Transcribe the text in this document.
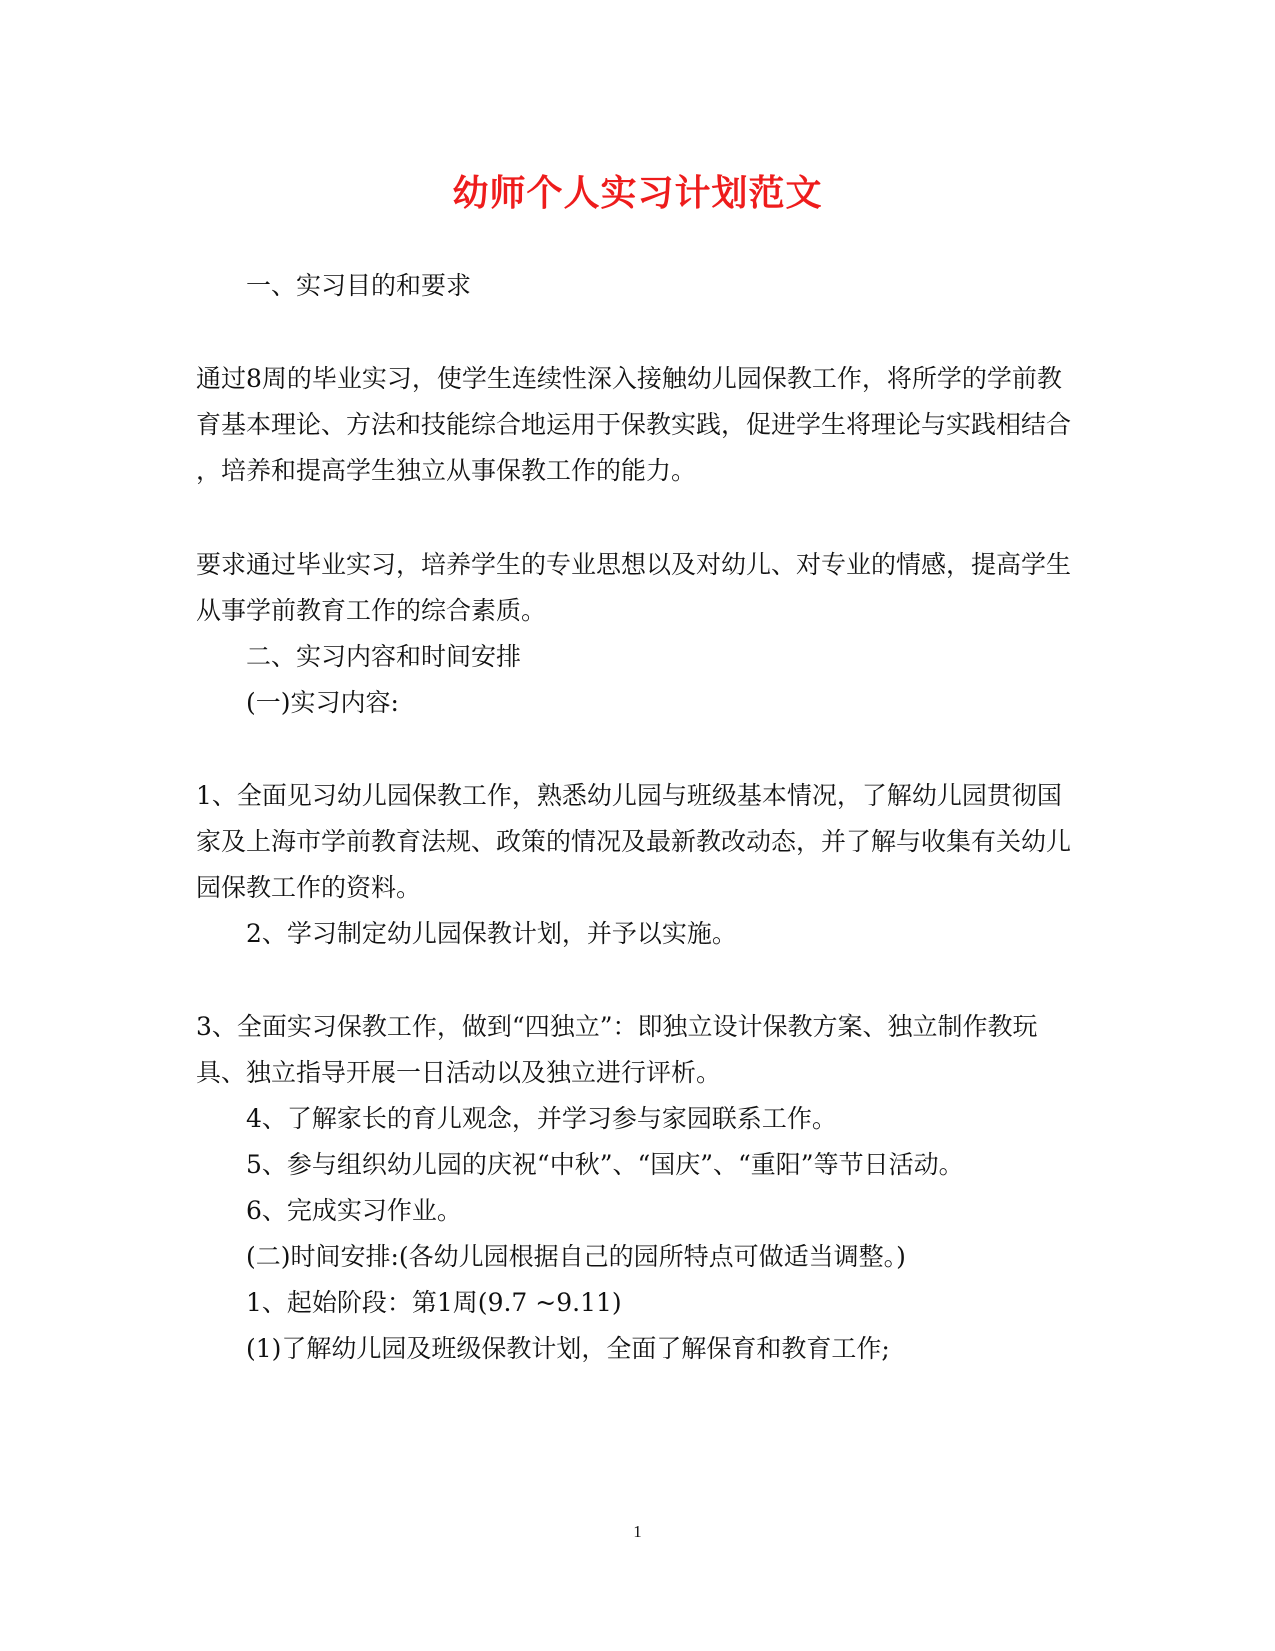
幼师个人实习计划范文
一、实习目的和要求
通过8周的毕业实习，使学生连续性深入接触幼儿园保教工作，将所学的学前教
育基本理论、方法和技能综合地运用于保教实践，促进学生将理论与实践相结合
，培养和提高学生独立从事保教工作的能力。
要求通过毕业实习，培养学生的专业思想以及对幼儿、对专业的情感，提高学生
从事学前教育工作的综合素质。
二、实习内容和时间安排
(一)实习内容:
1、全面见习幼儿园保教工作，熟悉幼儿园与班级基本情况，了解幼儿园贯彻国
家及上海市学前教育法规、政策的情况及最新教改动态，并了解与收集有关幼儿
园保教工作的资料。
2、学习制定幼儿园保教计划，并予以实施。
3、全面实习保教工作，做到“四独立”：即独立设计保教方案、独立制作教玩
具、独立指导开展一日活动以及独立进行评析。
4、了解家长的育儿观念，并学习参与家园联系工作。
5、参与组织幼儿园的庆祝“中秋”、“国庆”、“重阳”等节日活动。
6、完成实习作业。
(二)时间安排:(各幼儿园根据自己的园所特点可做适当调整。)
1、起始阶段：第1周(9.7 ~9.11)
(1)了解幼儿园及班级保教计划，全面了解保育和教育工作;
1
